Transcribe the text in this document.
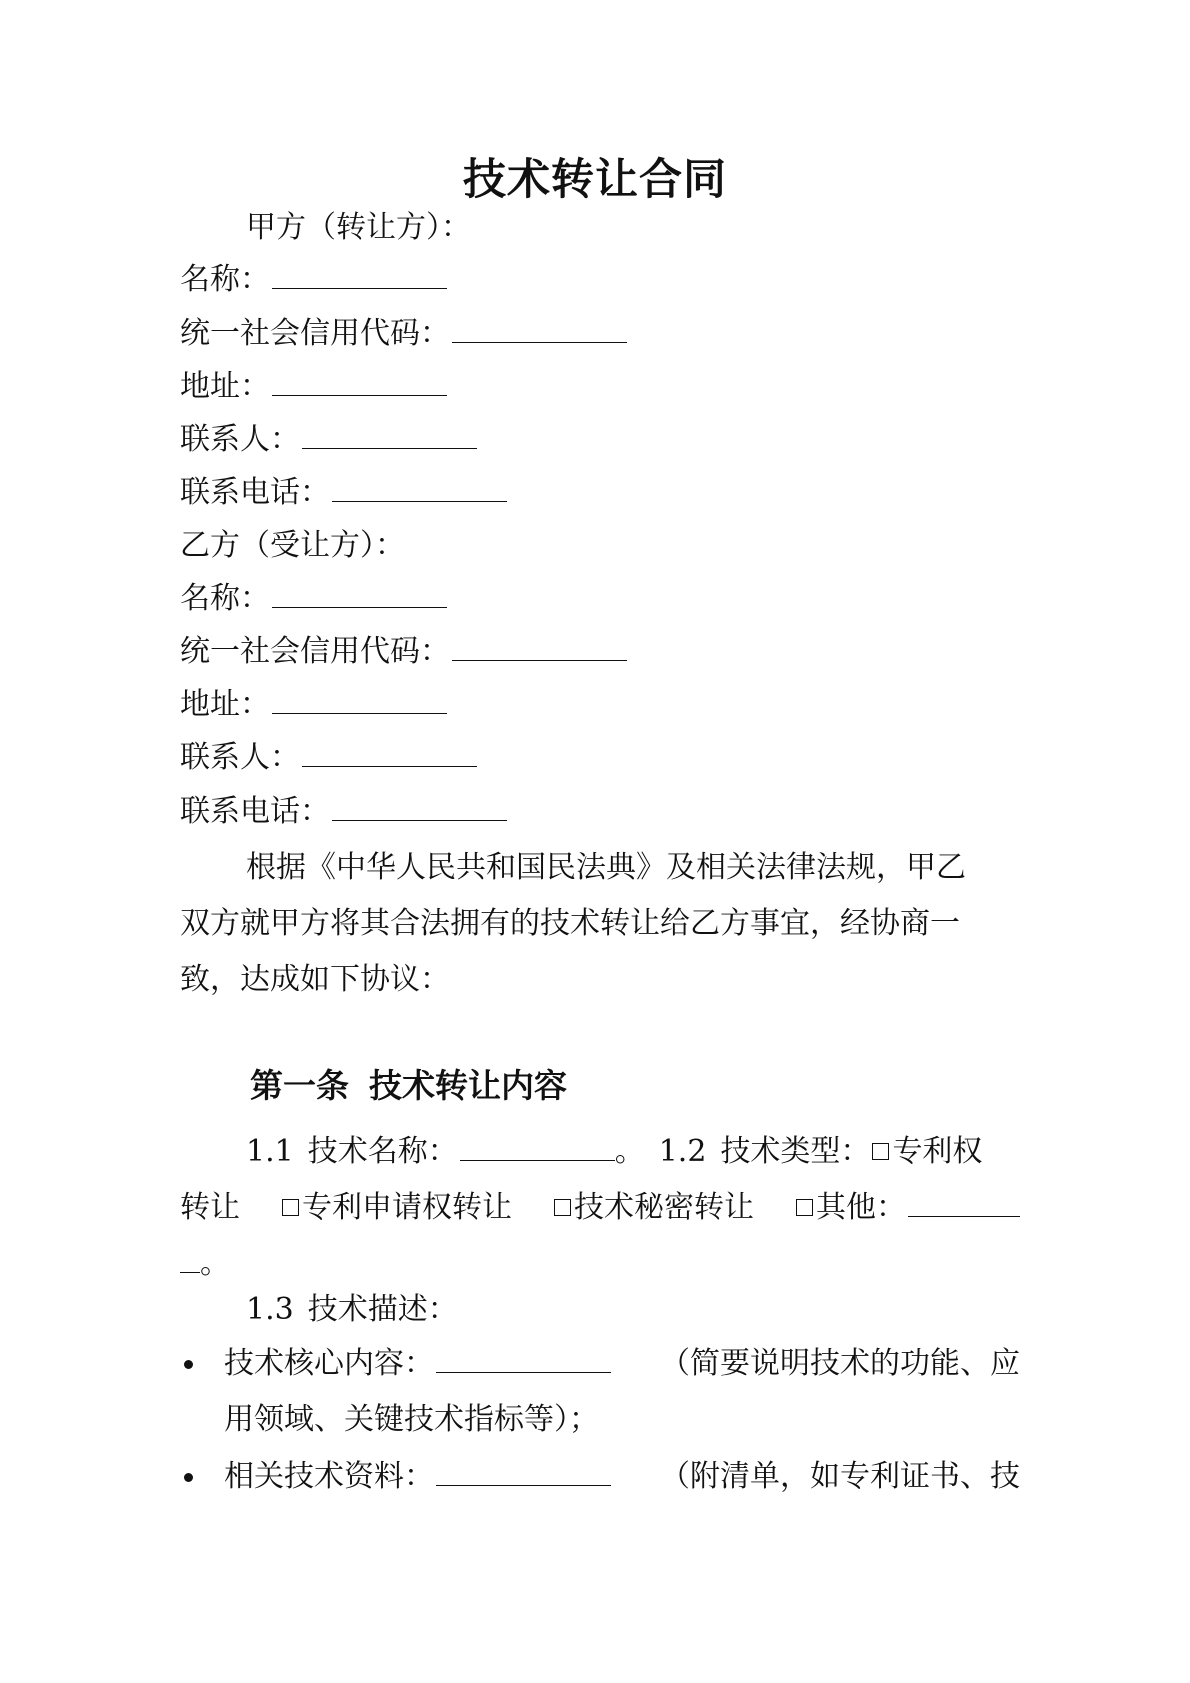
技术转让合同
甲方（转让方）：
名称：
统一社会信用代码：
地址：
联系人：
联系电话：
乙方（受让方）：
名称：
统一社会信用代码：
地址：
联系人：
联系电话：
根据《中华人民共和国民法典》及相关法律法规，甲乙
双方就甲方将其合法拥有的技术转让给乙方事宜，经协商一
致，达成如下协议：
第一条 技术转让内容
1.1 技术名称：	。 1.2 技术类型： 专利权
转让	专利申请权转让	技术秘密转让	其他：
。
1.3 技术描述：
技术核心内容：	（简要说明技术的功能、应
用领域、关键技术指标等）；
相关技术资料：	（附清单，如专利证书、技
